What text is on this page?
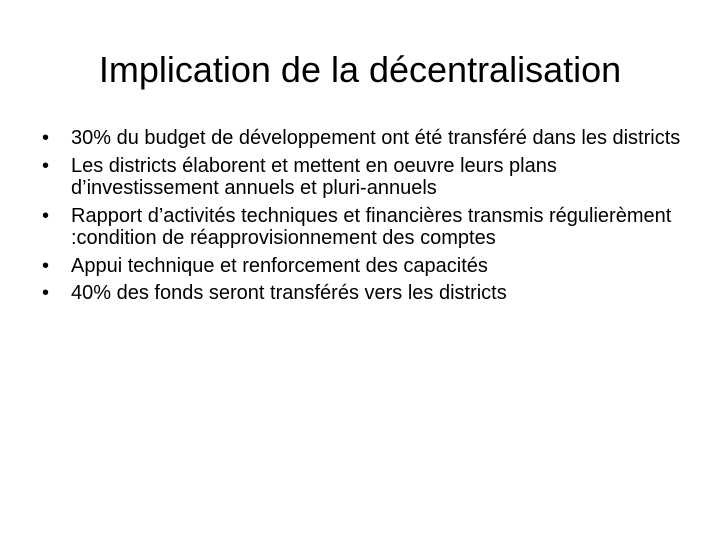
Implication de la décentralisation
• 30% du budget de développement ont été transféré dans les districts
• Les districts élaborent et mettent en oeuvre leurs plans d’investissement annuels et pluri-annuels
• Rapport d’activités techniques et financières transmis régulierèment :condition de réapprovisionnement des comptes
• Appui technique et renforcement des capacités
• 40% des fonds seront transférés vers les districts
